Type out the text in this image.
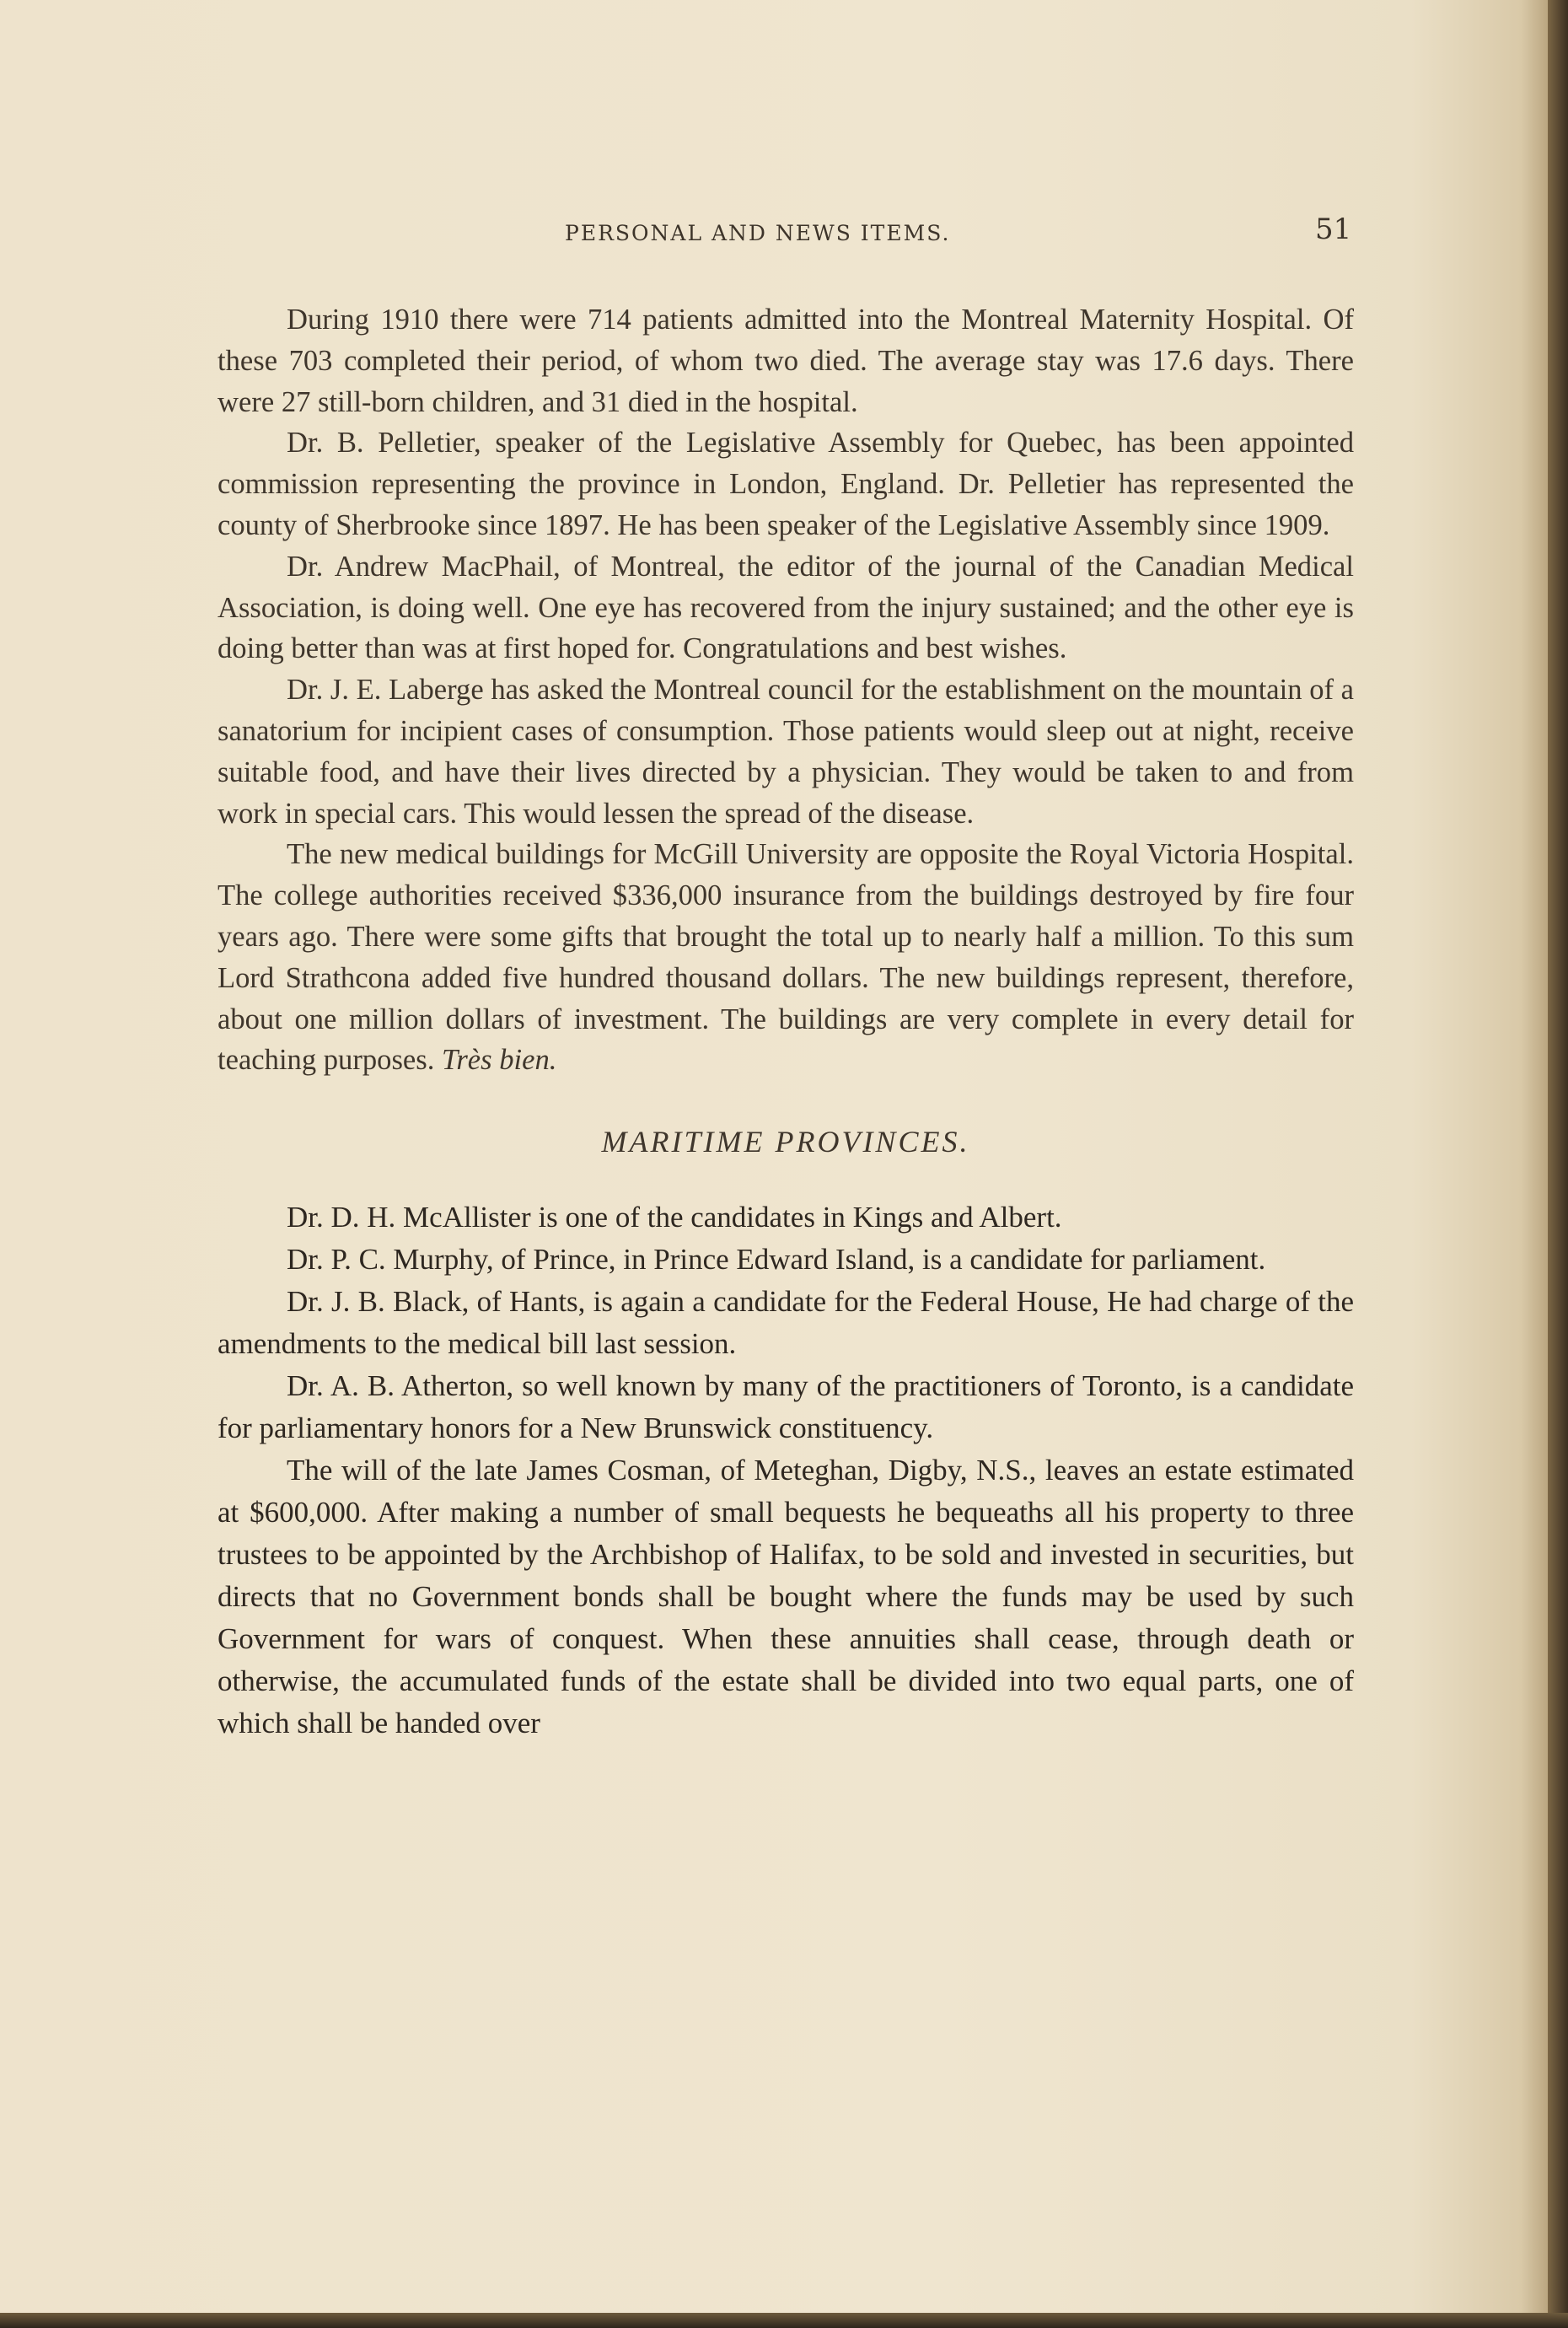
PERSONAL AND NEWS ITEMS.	51

During 1910 there were 714 patients admitted into the Montreal Maternity Hospital. Of these 703 completed their period, of whom two died. The average stay was 17.6 days. There were 27 still-born children, and 31 died in the hospital.

Dr. B. Pelletier, speaker of the Legislative Assembly for Quebec, has been appointed commission representing the province in London, England. Dr. Pelletier has represented the county of Sherbrooke since 1897. He has been speaker of the Legislative Assembly since 1909.

Dr. Andrew MacPhail, of Montreal, the editor of the journal of the Canadian Medical Association, is doing well. One eye has recovered from the injury sustained; and the other eye is doing better than was at first hoped for. Congratulations and best wishes.

Dr. J. E. Laberge has asked the Montreal council for the establishment on the mountain of a sanatorium for incipient cases of consumption. Those patients would sleep out at night, receive suitable food, and have their lives directed by a physician. They would be taken to and from work in special cars. This would lessen the spread of the disease.

The new medical buildings for McGill University are opposite the Royal Victoria Hospital. The college authorities received $336,000 insurance from the buildings destroyed by fire four years ago. There were some gifts that brought the total up to nearly half a million. To this sum Lord Strathcona added five hundred thousand dollars. The new buildings represent, therefore, about one million dollars of investment. The buildings are very complete in every detail for teaching purposes. Très bien.

MARITIME PROVINCES.

Dr. D. H. McAllister is one of the candidates in Kings and Albert.

Dr. P. C. Murphy, of Prince, in Prince Edward Island, is a candidate for parliament.

Dr. J. B. Black, of Hants, is again a candidate for the Federal House, He had charge of the amendments to the medical bill last session.

Dr. A. B. Atherton, so well known by many of the practitioners of Toronto, is a candidate for parliamentary honors for a New Brunswick constituency.

The will of the late James Cosman, of Meteghan, Digby, N.S., leaves an estate estimated at $600,000. After making a number of small bequests he bequeaths all his property to three trustees to be appointed by the Archbishop of Halifax, to be sold and invested in securities, but directs that no Government bonds shall be bought where the funds may be used by such Government for wars of conquest. When these annuities shall cease, through death or otherwise, the accumulated funds of the estate shall be divided into two equal parts, one of which shall be handed over
